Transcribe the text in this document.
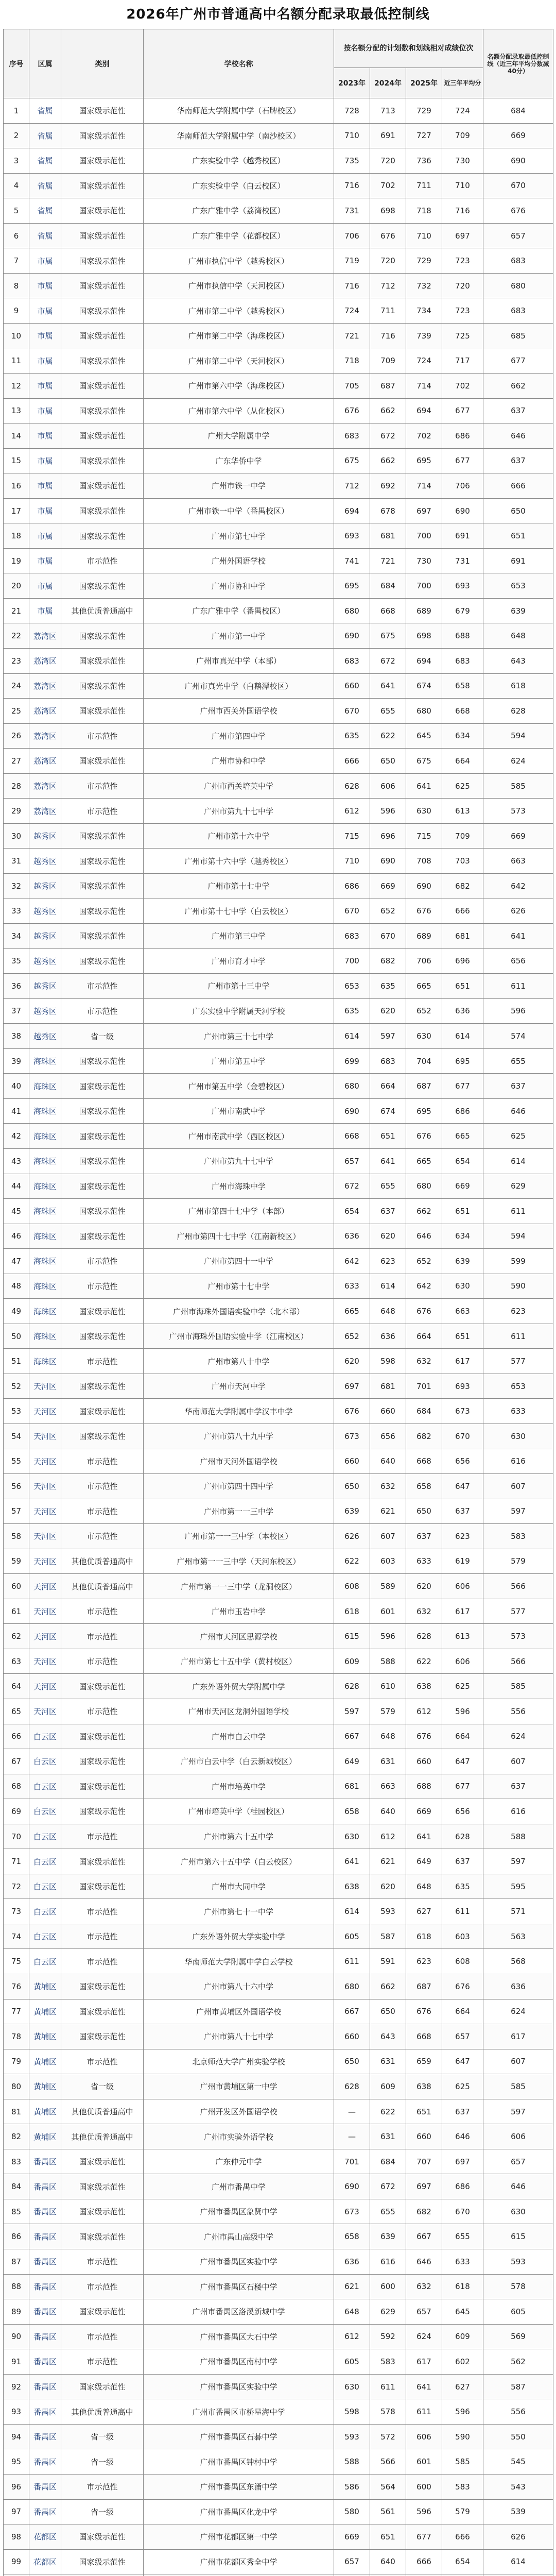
2026年广州市普通高中名额分配录取最低控制线
序号	区属	类别	学校名称	按名额分配的计划数和划线相对成绩位次				名额分配录取最低控制线（近三年平均分数减40分）

				2023年	2024年	2025年	近三年平均分	

1	省属	国家级示范性	华南师范大学附属中学（石牌校区）	728	713	729	724	684
2	省属	国家级示范性	华南师范大学附属中学（南沙校区）	710	691	727	709	669
3	省属	国家级示范性	广东实验中学（越秀校区）	735	720	736	730	690
4	省属	国家级示范性	广东实验中学（白云校区）	716	702	711	710	670
5	省属	国家级示范性	广东广雅中学（荔湾校区）	731	698	718	716	676
6	省属	国家级示范性	广东广雅中学（花都校区）	706	676	710	697	657
7	市属	国家级示范性	广州市执信中学（越秀校区）	719	720	729	723	683
8	市属	国家级示范性	广州市执信中学（天河校区）	716	712	732	720	680
9	市属	国家级示范性	广州市第二中学（越秀校区）	724	711	734	723	683
10	市属	国家级示范性	广州市第二中学（海珠校区）	721	716	739	725	685
11	市属	国家级示范性	广州市第二中学（天河校区）	718	709	724	717	677
12	市属	国家级示范性	广州市第六中学（海珠校区）	705	687	714	702	662
13	市属	国家级示范性	广州市第六中学（从化校区）	676	662	694	677	637
14	市属	国家级示范性	广州大学附属中学	683	672	702	686	646
15	市属	国家级示范性	广东华侨中学	675	662	695	677	637
16	市属	国家级示范性	广州市铁一中学	712	692	714	706	666
17	市属	国家级示范性	广州市铁一中学（番禺校区）	694	678	697	690	650
18	市属	国家级示范性	广州市第七中学	693	681	700	691	651
19	市属	市示范性	广州外国语学校	741	721	730	731	691
20	市属	国家级示范性	广州市协和中学	695	684	700	693	653
21	市属	其他优质普通高中	广东广雅中学（番禺校区）	680	668	689	679	639
22	荔湾区	国家级示范性	广州市第一中学	690	675	698	688	648
23	荔湾区	国家级示范性	广州市真光中学（本部）	683	672	694	683	643
24	荔湾区	国家级示范性	广州市真光中学（白鹅潭校区）	660	641	674	658	618
25	荔湾区	国家级示范性	广州市西关外国语学校	670	655	680	668	628
26	荔湾区	市示范性	广州市第四中学	635	622	645	634	594
27	荔湾区	国家级示范性	广州市协和中学	666	650	675	664	624
28	荔湾区	市示范性	广州市西关培英中学	628	606	641	625	585
29	荔湾区	市示范性	广州市第九十七中学	612	596	630	613	573
30	越秀区	国家级示范性	广州市第十六中学	715	696	715	709	669
31	越秀区	国家级示范性	广州市第十六中学（越秀校区）	710	690	708	703	663
32	越秀区	国家级示范性	广州市第十七中学	686	669	690	682	642
33	越秀区	国家级示范性	广州市第十七中学（白云校区）	670	652	676	666	626
34	越秀区	国家级示范性	广州市第三中学	683	670	689	681	641
35	越秀区	国家级示范性	广州市育才中学	700	682	706	696	656
36	越秀区	市示范性	广州市第十三中学	653	635	665	651	611
37	越秀区	市示范性	广东实验中学附属天河学校	635	620	652	636	596
38	越秀区	省一级	广州市第三十七中学	614	597	630	614	574
39	海珠区	国家级示范性	广州市第五中学	699	683	704	695	655
40	海珠区	国家级示范性	广州市第五中学（金碧校区）	680	664	687	677	637
41	海珠区	国家级示范性	广州市南武中学	690	674	695	686	646
42	海珠区	国家级示范性	广州市南武中学（西区校区）	668	651	676	665	625
43	海珠区	国家级示范性	广州市第九十七中学	657	641	665	654	614
44	海珠区	国家级示范性	广州市海珠中学	672	655	680	669	629
45	海珠区	国家级示范性	广州市第四十七中学（本部）	654	637	662	651	611
46	海珠区	国家级示范性	广州市第四十七中学（江南新校区）	636	620	646	634	594
47	海珠区	市示范性	广州市第四十一中学	642	623	652	639	599
48	海珠区	市示范性	广州市第十七中学	633	614	642	630	590
49	海珠区	国家级示范性	广州市海珠外国语实验中学（北本部）	665	648	676	663	623
50	海珠区	国家级示范性	广州市海珠外国语实验中学（江南校区）	652	636	664	651	611
51	海珠区	市示范性	广州市第八十中学	620	598	632	617	577
52	天河区	国家级示范性	广州市天河中学	697	681	701	693	653
53	天河区	国家级示范性	华南师范大学附属中学汉丰中学	676	660	684	673	633
54	天河区	国家级示范性	广州市第八十九中学	673	656	682	670	630
55	天河区	市示范性	广州市天河外国语学校	660	640	668	656	616
56	天河区	市示范性	广州市第四十四中学	650	632	658	647	607
57	天河区	市示范性	广州市第一一三中学	639	621	650	637	597
58	天河区	市示范性	广州市第一一三中学（本校区）	626	607	637	623	583
59	天河区	其他优质普通高中	广州市第一一三中学（天河东校区）	622	603	633	619	579
60	天河区	其他优质普通高中	广州市第一一三中学（龙洞校区）	608	589	620	606	566
61	天河区	市示范性	广州市玉岩中学	618	601	632	617	577
62	天河区	市示范性	广州市天河区思源学校	615	596	628	613	573
63	天河区	市示范性	广州市第七十五中学（黄村校区）	609	588	622	606	566
64	天河区	国家级示范性	广东外语外贸大学附属中学	628	610	638	625	585
65	天河区	市示范性	广州市天河区龙洞外国语学校	597	579	612	596	556
66	白云区	国家级示范性	广州市白云中学	667	648	676	664	624
67	白云区	国家级示范性	广州市白云中学（白云新城校区）	649	631	660	647	607
68	白云区	国家级示范性	广州市培英中学	681	663	688	677	637
69	白云区	国家级示范性	广州市培英中学（桂园校区）	658	640	669	656	616
70	白云区	市示范性	广州市第六十五中学	630	612	641	628	588
71	白云区	国家级示范性	广州市第六十五中学（白云校区）	641	621	649	637	597
72	白云区	国家级示范性	广州市大同中学	638	620	648	635	595
73	白云区	市示范性	广州市第七十一中学	614	593	627	611	571
74	白云区	市示范性	广东外语外贸大学实验中学	605	587	618	603	563
75	白云区	市示范性	华南师范大学附属中学白云学校	611	591	623	608	568
76	黄埔区	国家级示范性	广州市第八十六中学	680	662	687	676	636
77	黄埔区	国家级示范性	广州市黄埔区外国语学校	667	650	676	664	624
78	黄埔区	国家级示范性	广州市第八十七中学	660	643	668	657	617
79	黄埔区	市示范性	北京师范大学广州实验学校	650	631	659	647	607
80	黄埔区	省一级	广州市黄埔区第一中学	628	609	638	625	585
81	黄埔区	其他优质普通高中	广州开发区外国语学校	—	622	651	637	597
82	黄埔区	其他优质普通高中	广州市实验外语学校	—	631	660	646	606
83	番禺区	国家级示范性	广东仲元中学	701	684	707	697	657
84	番禺区	国家级示范性	广州市番禺中学	690	672	697	686	646
85	番禺区	国家级示范性	广州市番禺区象贤中学	673	655	682	670	630
86	番禺区	国家级示范性	广州市禺山高级中学	658	639	667	655	615
87	番禺区	市示范性	广州市番禺区实验中学	636	616	646	633	593
88	番禺区	市示范性	广州市番禺区石楼中学	621	600	632	618	578
89	番禺区	国家级示范性	广州市番禺区洛溪新城中学	648	629	657	645	605
90	番禺区	市示范性	广州市番禺区大石中学	612	592	624	609	569
91	番禺区	市示范性	广州市番禺区南村中学	605	583	617	602	562
92	番禺区	国家级示范性	广州市番禺区实验中学	630	611	641	627	587
93	番禺区	其他优质普通高中	广州市番禺区市桥星海中学	598	578	611	596	556
94	番禺区	省一级	广州市番禺区石碁中学	593	572	606	590	550
95	番禺区	省一级	广州市番禺区钟村中学	588	566	601	585	545
96	番禺区	市示范性	广州市番禺区东涌中学	586	564	600	583	543
97	番禺区	省一级	广州市番禺区化龙中学	580	561	596	579	539
98	花都区	国家级示范性	广州市花都区第一中学	669	651	677	666	626
99	花都区	国家级示范性	广州市花都区秀全中学	657	640	666	654	614
